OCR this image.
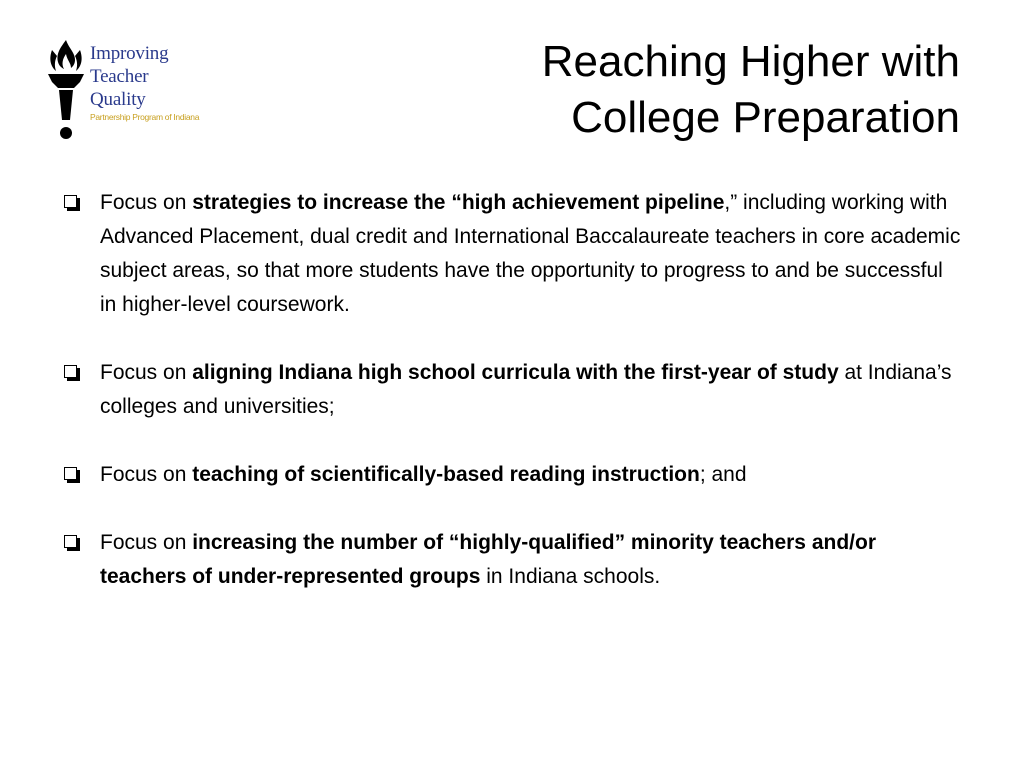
Improving
Teacher
Quality
Partnership Program of Indiana
Reaching Higher with
College Preparation
Focus on strategies to increase the “high achievement pipeline,” including working with Advanced Placement, dual credit and International Baccalaureate teachers in core academic subject areas, so that more students have the opportunity to progress to and be successful in higher-level coursework.
Focus on aligning Indiana high school curricula with the first-year of study at Indiana’s colleges and universities;
Focus on teaching of scientifically-based reading instruction; and
Focus on increasing the number of “highly-qualified” minority teachers and/or teachers of under-represented groups in Indiana schools.
